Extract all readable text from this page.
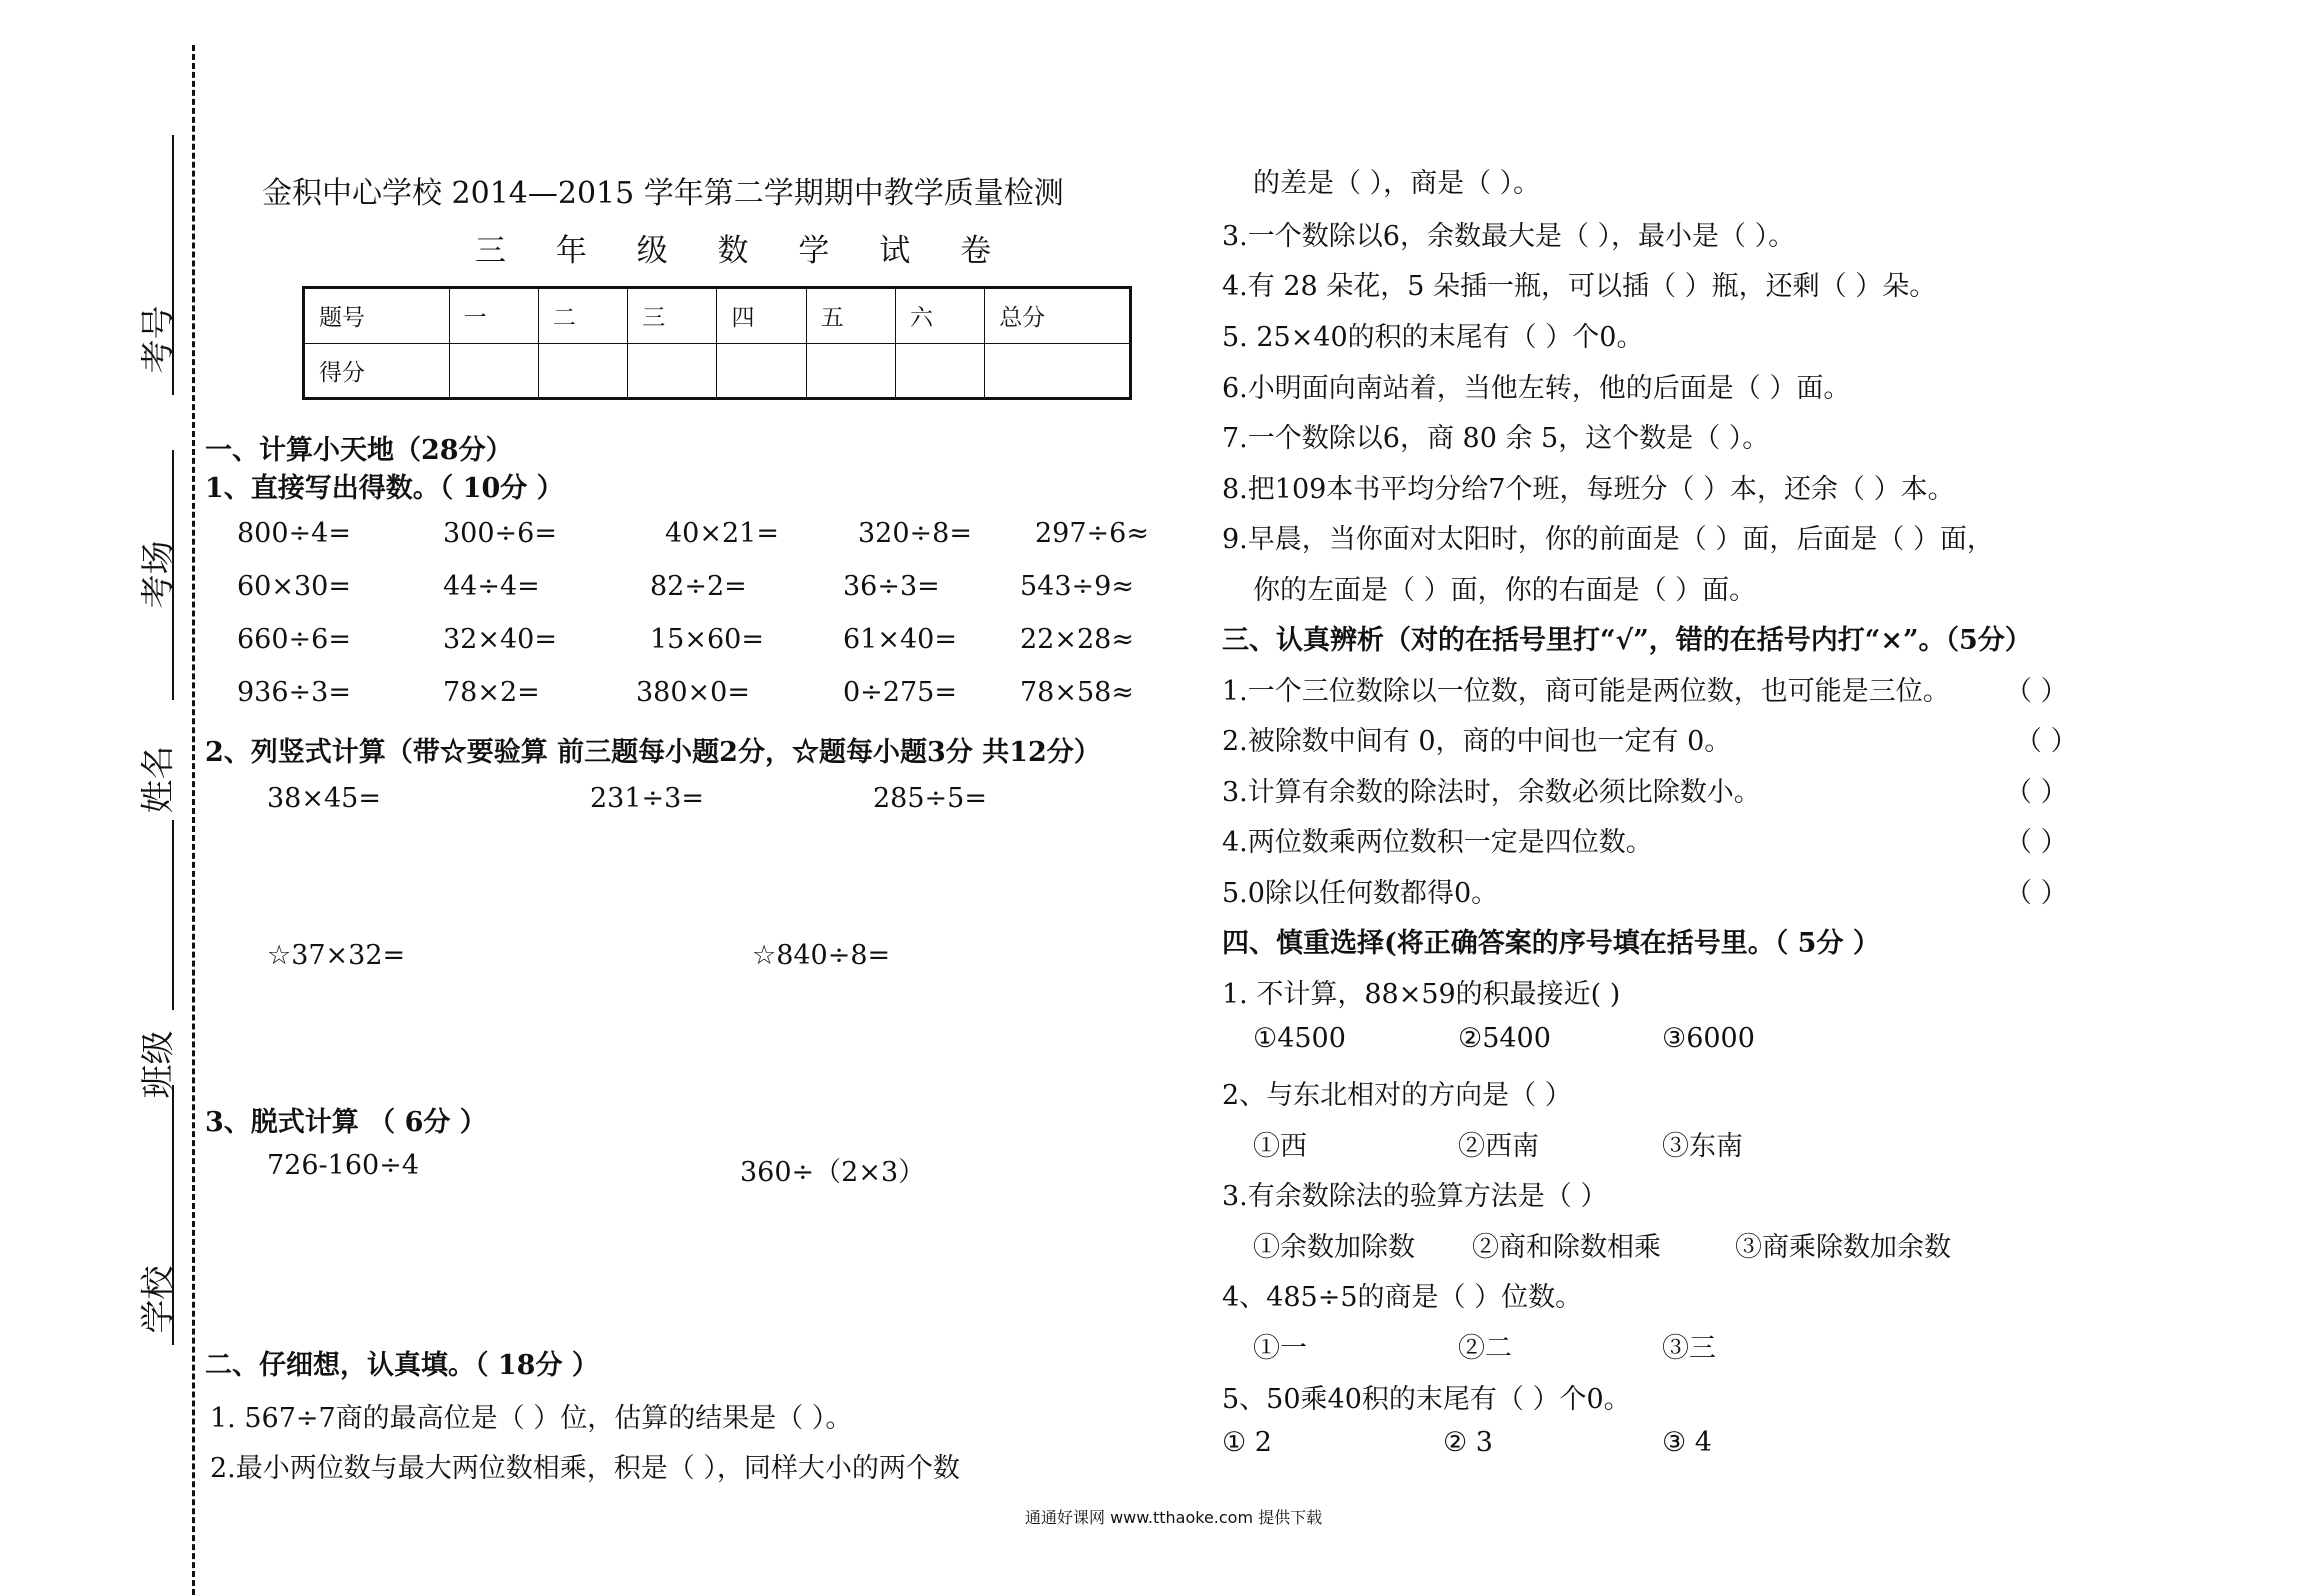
考号
考场
姓名
班级
学校
金积中心学校 2014—2015 学年第二学期期中教学质量检测
三 年 级 数 学 试 卷
题号	一	二	三	四	五	六	总分
得分							
一、计算小天地（28分）
1、直接写出得数。（ 10分 ）
800÷4=	300÷6=	40×21=	320÷8= 297÷6≈
60×30=	44÷4=	82÷2=	36÷3=	543÷9≈
660÷6=	32×40=	15×60=	61×40= 22×28≈
936÷3=	78×2=	380×0=	0÷275= 78×58≈
2、列竖式计算（带☆要验算 前三题每小题2分，☆题每小题3分 共12分）
38×45=	231÷3=	285÷5=
☆37×32=	☆840÷8=
3、脱式计算 （ 6分 ）
726-160÷4	360÷（2×3）
二、仔细想，认真填。（ 18分 ）
1. 567÷7商的最高位是（ ）位，估算的结果是（ ）。
2.最小两位数与最大两位数相乘，积是（ ），同样大小的两个数
的差是（ ），商是（ ）。
3.一个数除以6，余数最大是（ ），最小是（ ）。
4.有 28 朵花，5 朵插一瓶，可以插（ ）瓶，还剩（ ）朵。
5. 25×40的积的末尾有（ ）个0。
6.小明面向南站着，当他左转，他的后面是（ ）面。
7.一个数除以6，商 80 余 5，这个数是（ ）。
8.把109本书平均分给7个班，每班分（ ）本，还余（ ）本。
9.早晨，当你面对太阳时，你的前面是（ ）面，后面是（ ）面，
你的左面是（ ）面，你的右面是（ ）面。
三、认真辨析（对的在括号里打“√”，错的在括号内打“×”。（5分）
1.一个三位数除以一位数，商可能是两位数，也可能是三位。 （ ）
2.被除数中间有 0，商的中间也一定有 0。	（ ）
3.计算有余数的除法时，余数必须比除数小。	（ ）
4.两位数乘两位数积一定是四位数。	（ ）
5.0除以任何数都得0。	（ ）
四、慎重选择(将正确答案的序号填在括号里。（ 5分 ）
1. 不计算，88×59的积最接近( )
①4500	②5400	③6000
2、与东北相对的方向是（ ）
①西	②西南	③东南
3.有余数除法的验算方法是（ ）
①余数加除数 ②商和除数相乘	③商乘除数加余数
4、485÷5的商是（ ）位数。
①一	②二	③三
5、50乘40积的末尾有（ ）个0。
① 2	② 3	③ 4
通通好课网 www.tthaoke.com 提供下载
